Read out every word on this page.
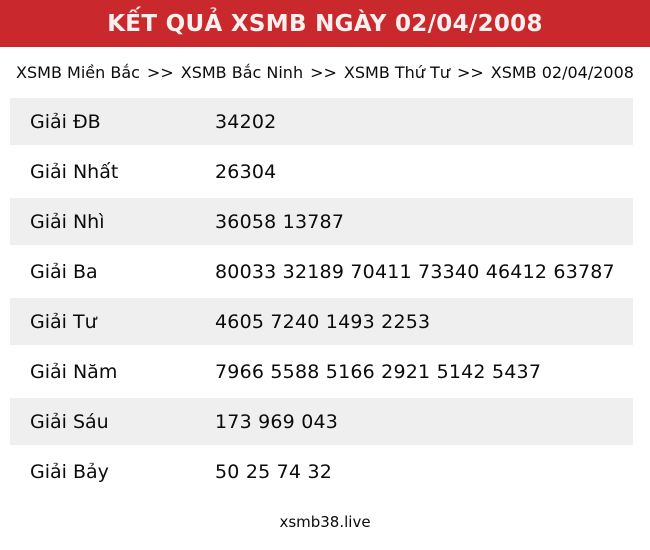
KẾT QUẢ XSMB NGÀY 02/04/2008
XSMB Miền Bắc >> XSMB Bắc Ninh >> XSMB Thứ Tư >> XSMB 02/04/2008
Giải ĐB	34202
Giải Nhất	26304
Giải Nhì	36058 13787
Giải Ba	80033 32189 70411 73340 46412 63787
Giải Tư	4605 7240 1493 2253
Giải Năm	7966 5588 5166 2921 5142 5437
Giải Sáu	173 969 043
Giải Bảy	50 25 74 32
xsmb38.live
